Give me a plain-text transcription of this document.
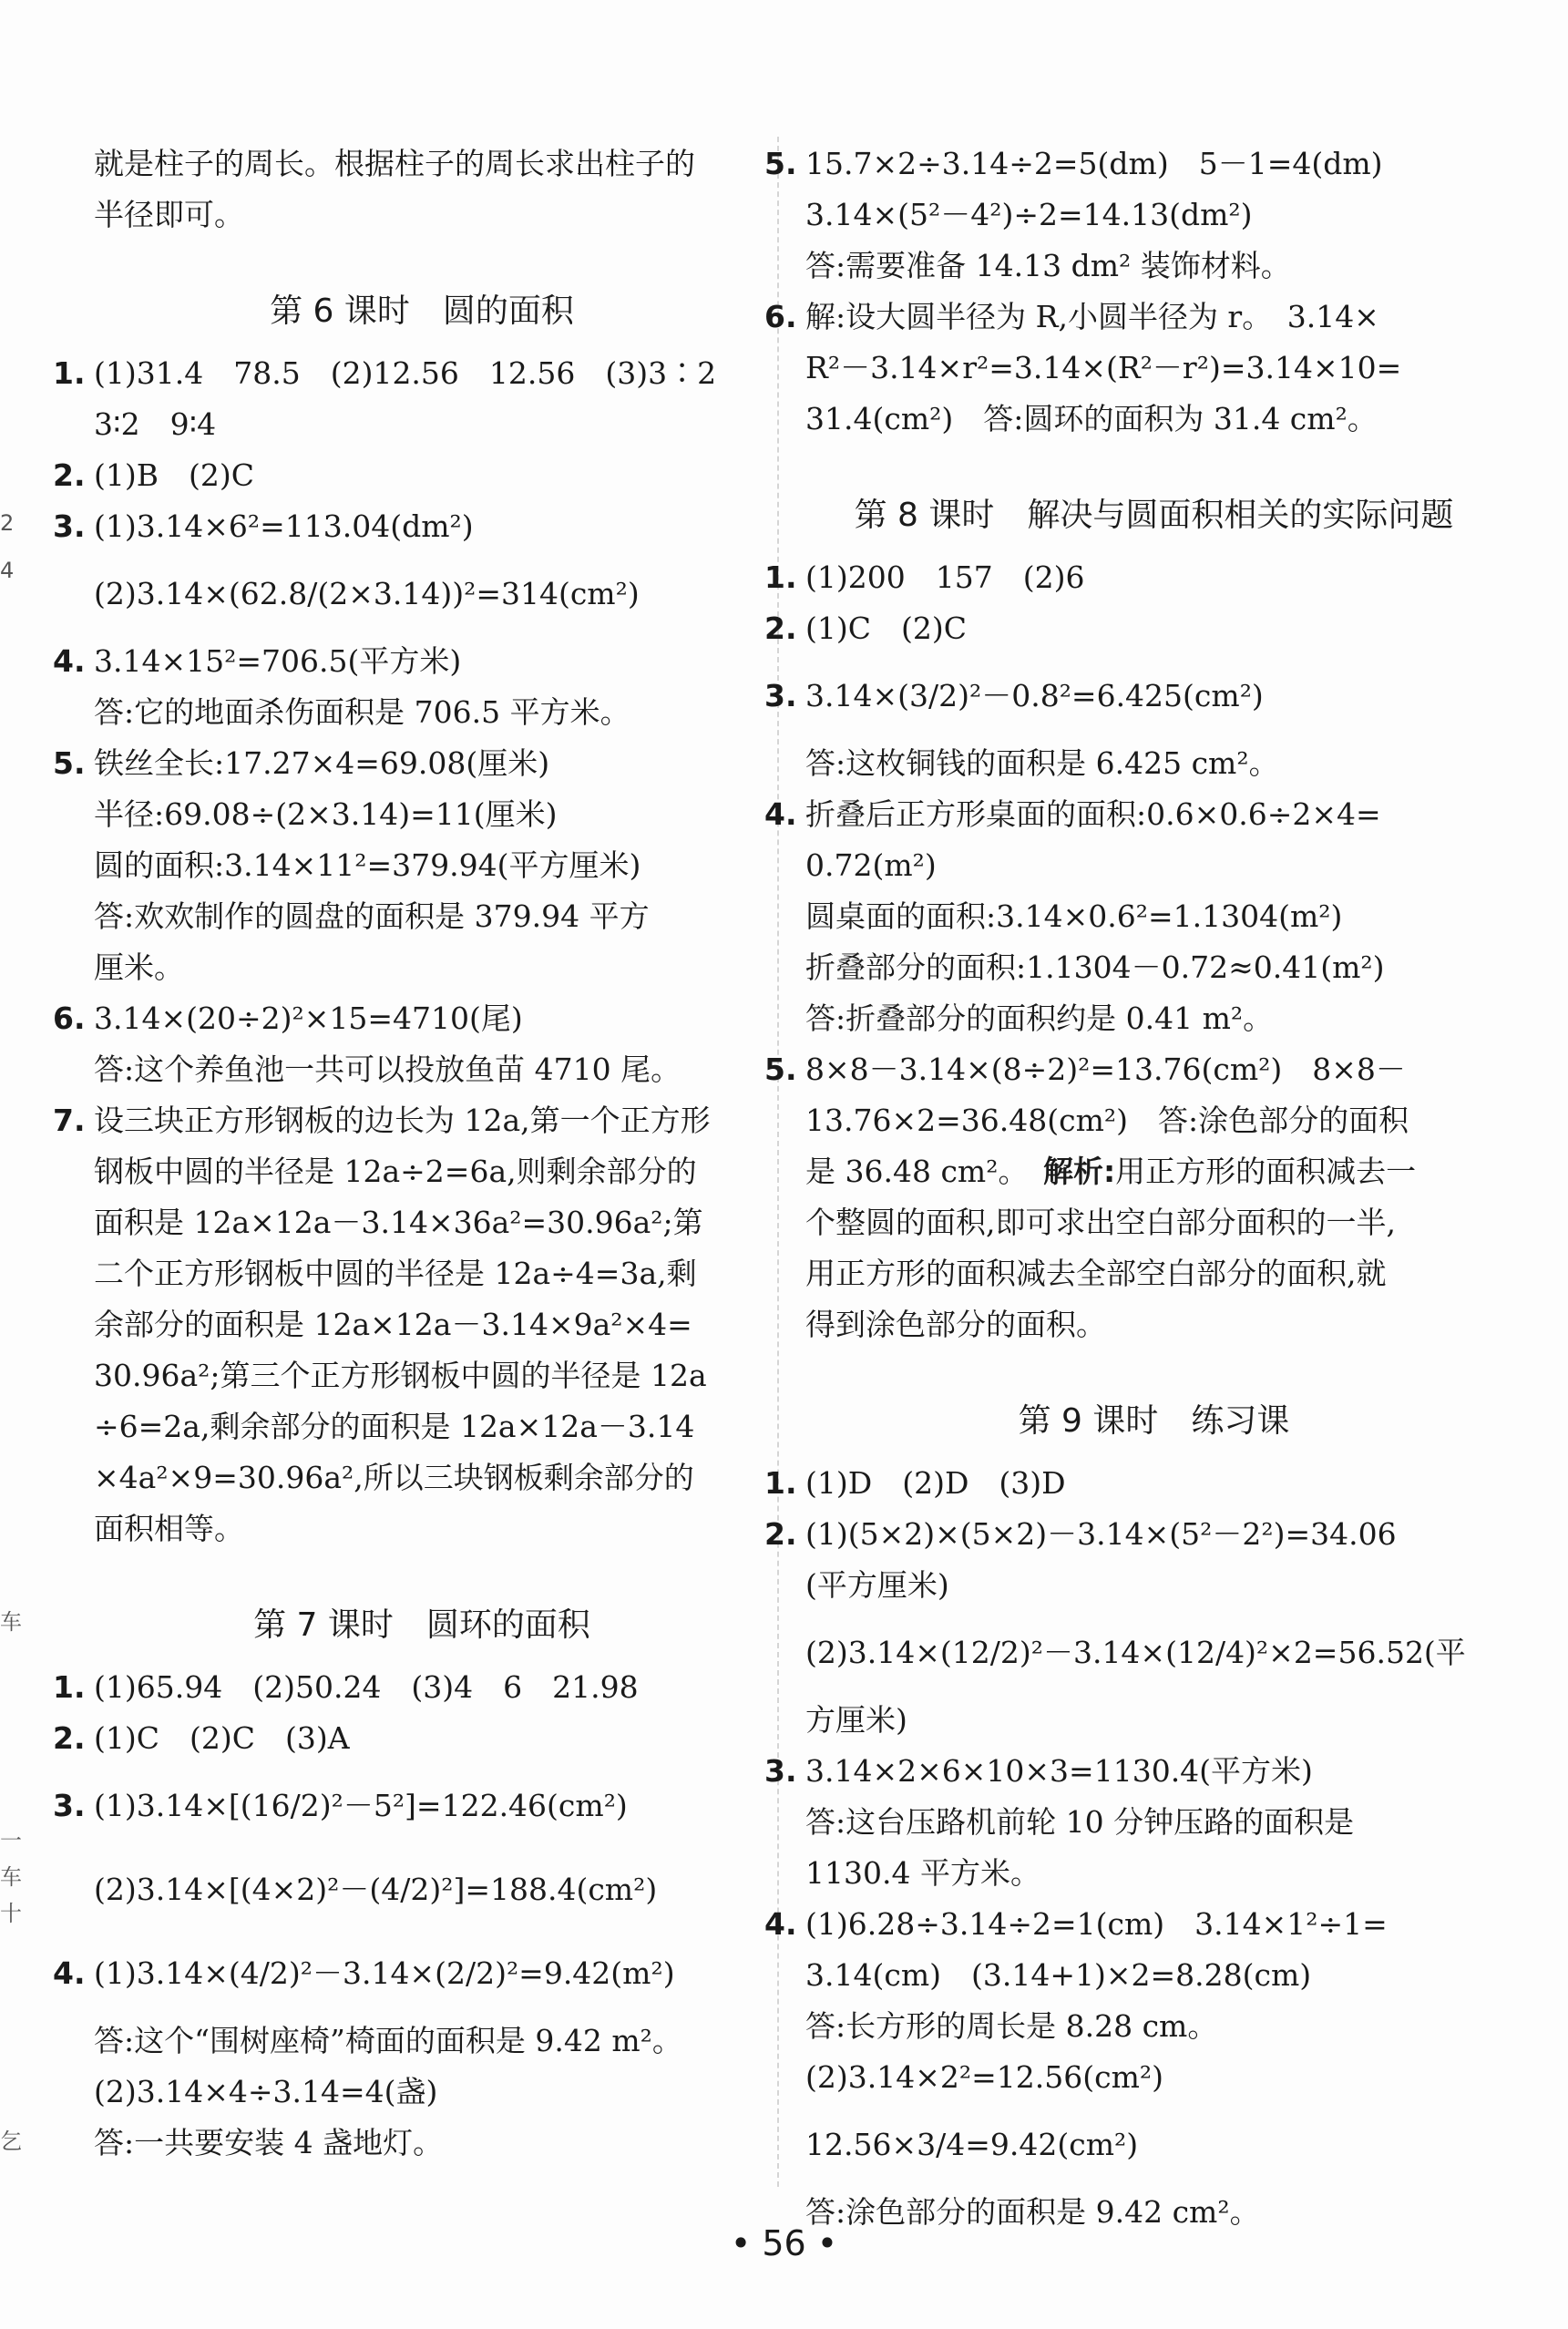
就是柱子的周长。根据柱子的周长求出柱子的
半径即可。
第 6 课时　圆的面积
1. (1)31.4　78.5　(2)12.56　12.56　(3)3∶2
3∶2　9∶4
2. (1)B　(2)C
3. (1)3.14×6²=113.04(dm²)
(2)3.14×(62.8/(2×3.14))²=314(cm²)
4. 3.14×15²=706.5(平方米)
答:它的地面杀伤面积是 706.5 平方米。
5. 铁丝全长:17.27×4=69.08(厘米)
半径:69.08÷(2×3.14)=11(厘米)
圆的面积:3.14×11²=379.94(平方厘米)
答:欢欢制作的圆盘的面积是 379.94 平方
厘米。
6. 3.14×(20÷2)²×15=4710(尾)
答:这个养鱼池一共可以投放鱼苗 4710 尾。
7. 设三块正方形钢板的边长为 12a,第一个正方形
钢板中圆的半径是 12a÷2=6a,则剩余部分的
面积是 12a×12a－3.14×36a²=30.96a²;第
二个正方形钢板中圆的半径是 12a÷4=3a,剩
余部分的面积是 12a×12a－3.14×9a²×4=
30.96a²;第三个正方形钢板中圆的半径是 12a
÷6=2a,剩余部分的面积是 12a×12a－3.14
×4a²×9=30.96a²,所以三块钢板剩余部分的
面积相等。
第 7 课时　圆环的面积
1. (1)65.94　(2)50.24　(3)4　6　21.98
2. (1)C　(2)C　(3)A
3. (1)3.14×[(16/2)²－5²]=122.46(cm²)
(2)3.14×[(4×2)²－(4/2)²]=188.4(cm²)
4. (1)3.14×(4/2)²－3.14×(2/2)²=9.42(m²)
答:这个“围树座椅”椅面的面积是 9.42 m²。
(2)3.14×4÷3.14=4(盏)
答:一共要安装 4 盏地灯。
5. 15.7×2÷3.14÷2=5(dm)　5－1=4(dm)
3.14×(5²－4²)÷2=14.13(dm²)
答:需要准备 14.13 dm² 装饰材料。
6. 解:设大圆半径为 R,小圆半径为 r。　3.14×
R²－3.14×r²=3.14×(R²－r²)=3.14×10=
31.4(cm²)　答:圆环的面积为 31.4 cm²。
第 8 课时　解决与圆面积相关的实际问题
1. (1)200　157　(2)6
2. (1)C　(2)C
3. 3.14×(3/2)²－0.8²=6.425(cm²)
答:这枚铜钱的面积是 6.425 cm²。
4. 折叠后正方形桌面的面积:0.6×0.6÷2×4=
0.72(m²)
圆桌面的面积:3.14×0.6²=1.1304(m²)
折叠部分的面积:1.1304－0.72≈0.41(m²)
答:折叠部分的面积约是 0.41 m²。
5. 8×8－3.14×(8÷2)²=13.76(cm²)　8×8－
13.76×2=36.48(cm²)　答:涂色部分的面积
是 36.48 cm²。　 解析:用正方形的面积减去一
个整圆的面积,即可求出空白部分面积的一半,
用正方形的面积减去全部空白部分的面积,就
得到涂色部分的面积。
第 9 课时　练习课
1. (1)D　(2)D　(3)D
2. (1)(5×2)×(5×2)－3.14×(5²－2²)=34.06
(平方厘米)
(2)3.14×(12/2)²－3.14×(12/4)²×2=56.52(平
方厘米)
3. 3.14×2×6×10×3=1130.4(平方米)
答:这台压路机前轮 10 分钟压路的面积是
1130.4 平方米。
4. (1)6.28÷3.14÷2=1(cm)　3.14×1²÷1=
3.14(cm)　(3.14+1)×2=8.28(cm)
答:长方形的周长是 8.28 cm。
(2)3.14×2²=12.56(cm²)
12.56×3/4=9.42(cm²)
答:涂色部分的面积是 9.42 cm²。
2
4
车
一
车
十
乞
• 56 •
